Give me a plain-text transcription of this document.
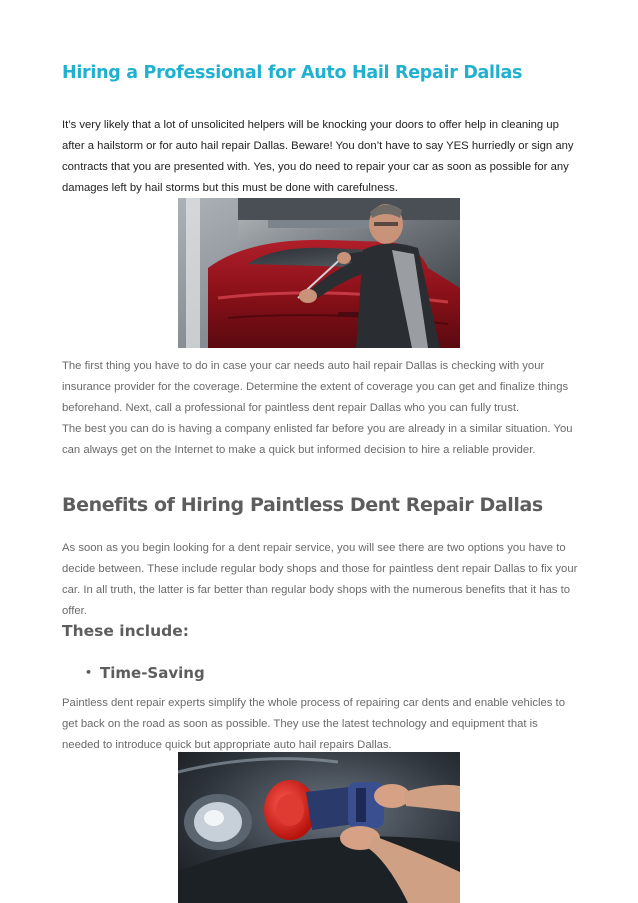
Hiring a Professional for Auto Hail Repair Dallas
It’s very likely that a lot of unsolicited helpers will be knocking your doors to offer help in cleaning up after a hailstorm or for auto hail repair Dallas. Beware! You don’t have to say YES hurriedly or sign any contracts that you are presented with. Yes, you do need to repair your car as soon as possible for any damages left by hail storms but this must be done with carefulness.
The first thing you have to do in case your car needs auto hail repair Dallas is checking with your insurance provider for the coverage. Determine the extent of coverage you can get and finalize things beforehand. Next, call a professional for paintless dent repair Dallas who you can fully trust.
The best you can do is having a company enlisted far before you are already in a similar situation. You can always get on the Internet to make a quick but informed decision to hire a reliable provider.
Benefits of Hiring Paintless Dent Repair Dallas
As soon as you begin looking for a dent repair service, you will see there are two options you have to decide between. These include regular body shops and those for paintless dent repair Dallas to fix your car. In all truth, the latter is far better than regular body shops with the numerous benefits that it has to offer.
These include:
• Time-Saving
Paintless dent repair experts simplify the whole process of repairing car dents and enable vehicles to get back on the road as soon as possible. They use the latest technology and equipment that is needed to introduce quick but appropriate auto hail repairs Dallas.
